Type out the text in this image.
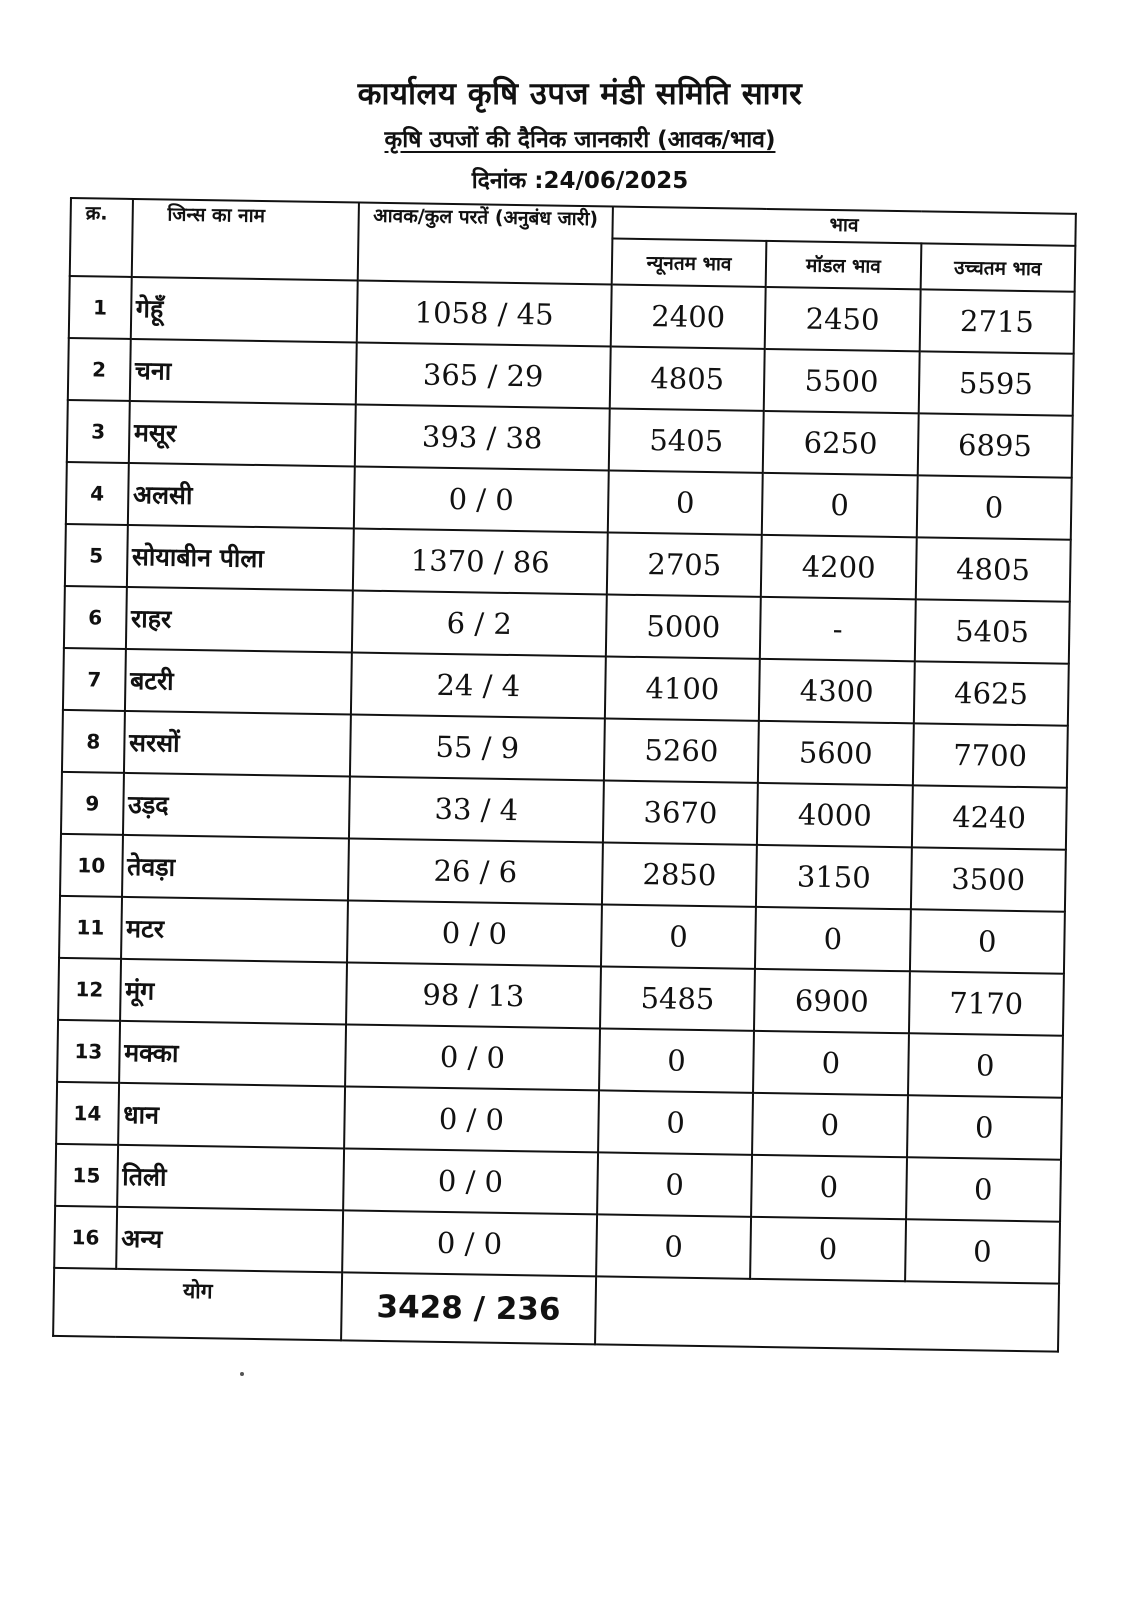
कार्यालय कृषि उपज मंडी समिति सागर
कृषि उपजों की दैनिक जानकारी (आवक/भाव)
दिनांक :24/06/2025
क्र.	जिन्स का नाम	आवक/कुल परतें (अनुबंध जारी)	भाव		
			न्यूनतम भाव	मॉडल भाव	उच्चतम भाव
1	गेहूँ	1058 / 45	2400	2450	2715
2	चना	365 / 29	4805	5500	5595
3	मसूर	393 / 38	5405	6250	6895
4	अलसी	0 / 0	0	0	0
5	सोयाबीन पीला	1370 / 86	2705	4200	4805
6	राहर	6 / 2	5000	-	5405
7	बटरी	24 / 4	4100	4300	4625
8	सरसों	55 / 9	5260	5600	7700
9	उड़द	33 / 4	3670	4000	4240
10	तेवड़ा	26 / 6	2850	3150	3500
11	मटर	0 / 0	0	0	0
12	मूंग	98 / 13	5485	6900	7170
13	मक्का	0 / 0	0	0	0
14	धान	0 / 0	0	0	0
15	तिली	0 / 0	0	0	0
16	अन्य	0 / 0	0	0	0
योग		3428 / 236			
